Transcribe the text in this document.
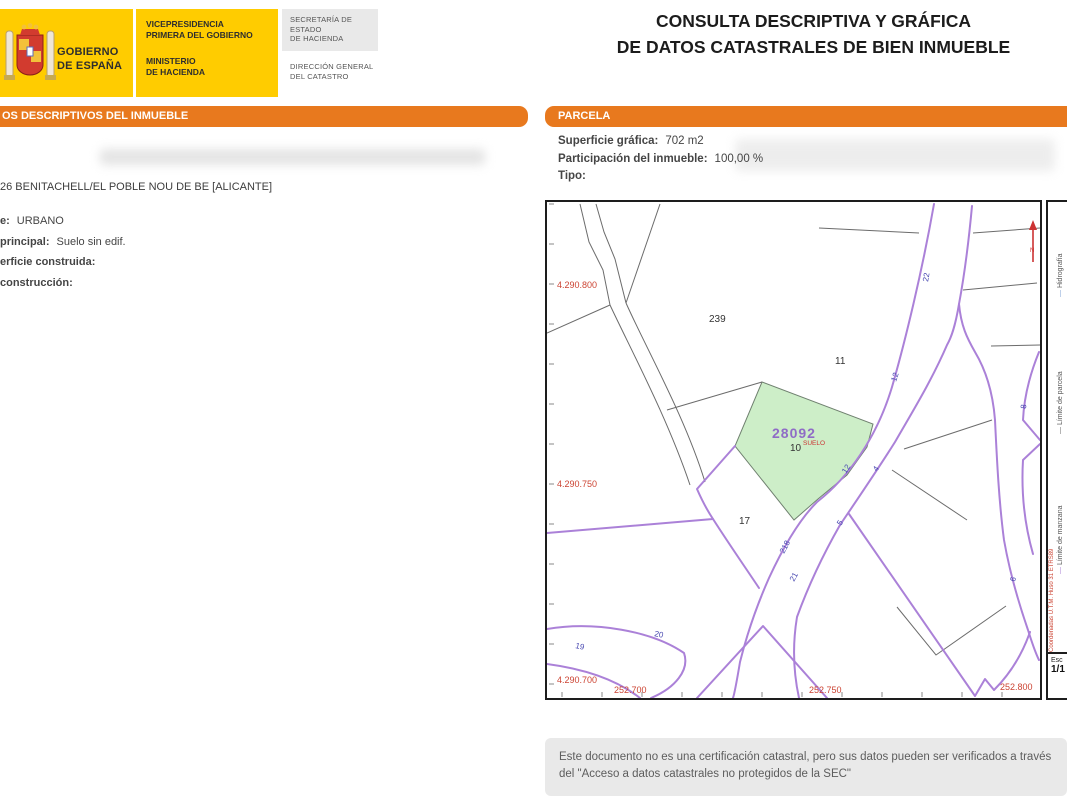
GOBIERNO
DE ESPAÑA
VICEPRESIDENCIA
PRIMERA DEL GOBIERNO
MINISTERIO
DE HACIENDA
SECRETARÍA DE ESTADO
DE HACIENDA
DIRECCIÓN GENERAL
DEL CATASTRO
CONSULTA DESCRIPTIVA Y GRÁFICA
DE DATOS CATASTRALES DE BIEN INMUEBLE
OS DESCRIPTIVOS DEL INMUEBLE	PARCELA
26 BENITACHELL/EL POBLE NOU DE BE [ALICANTE]
e: URBANO
principal: Suelo sin edif.
erficie construida:
construcción:
Superficie gráfica: 702 m2
Participación del inmueble: 100,00 %
Tipo:
4.290.800
4.290.750
4.290.700
252.700	252.750	252.800
239
11
10
17
28092
SUELO
12
4
12
5
218
21
22
19
20
8
6
N
— Hidrografía
— Límite de parcela
— Límite de manzana
Coordenadas U.T.M. Huso 31 ETRS89
Esc
1/1
Este documento no es una certificación catastral, pero sus datos pueden ser verificados a través del "Acceso a datos catastrales no protegidos de la SEC"
